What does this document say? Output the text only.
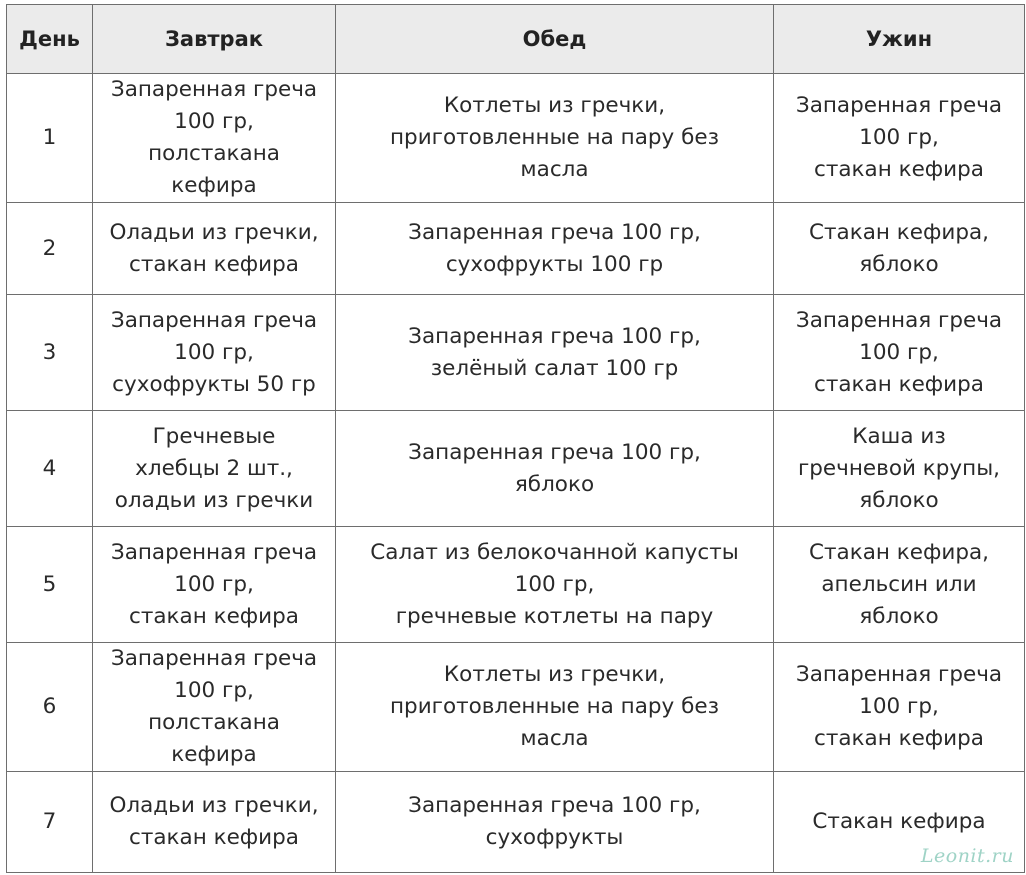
День	Завтрак	Обед	Ужин
1	Запаренная греча
100 гр,
полстакана
кефира	Котлеты из гречки,
приготовленные на пару без
масла	Запаренная греча
100 гр,
стакан кефира
2	Оладьи из гречки,
стакан кефира	Запаренная греча 100 гр,
сухофрукты 100 гр	Стакан кефира,
яблоко
3	Запаренная греча
100 гр,
сухофрукты 50 гр	Запаренная греча 100 гр,
зелёный салат 100 гр	Запаренная греча
100 гр,
стакан кефира
4	Гречневые
хлебцы 2 шт.,
оладьи из гречки	Запаренная греча 100 гр,
яблоко	Каша из
гречневой крупы,
яблоко
5	Запаренная греча
100 гр,
стакан кефира	Салат из белокочанной капусты
100 гр,
гречневые котлеты на пару	Стакан кефира,
апельсин или
яблоко
6	Запаренная греча
100 гр,
полстакана
кефира	Котлеты из гречки,
приготовленные на пару без
масла	Запаренная греча
100 гр,
стакан кефира
7	Оладьи из гречки,
стакан кефира	Запаренная греча 100 гр,
сухофрукты	Стакан кефира
Leonit.ru
